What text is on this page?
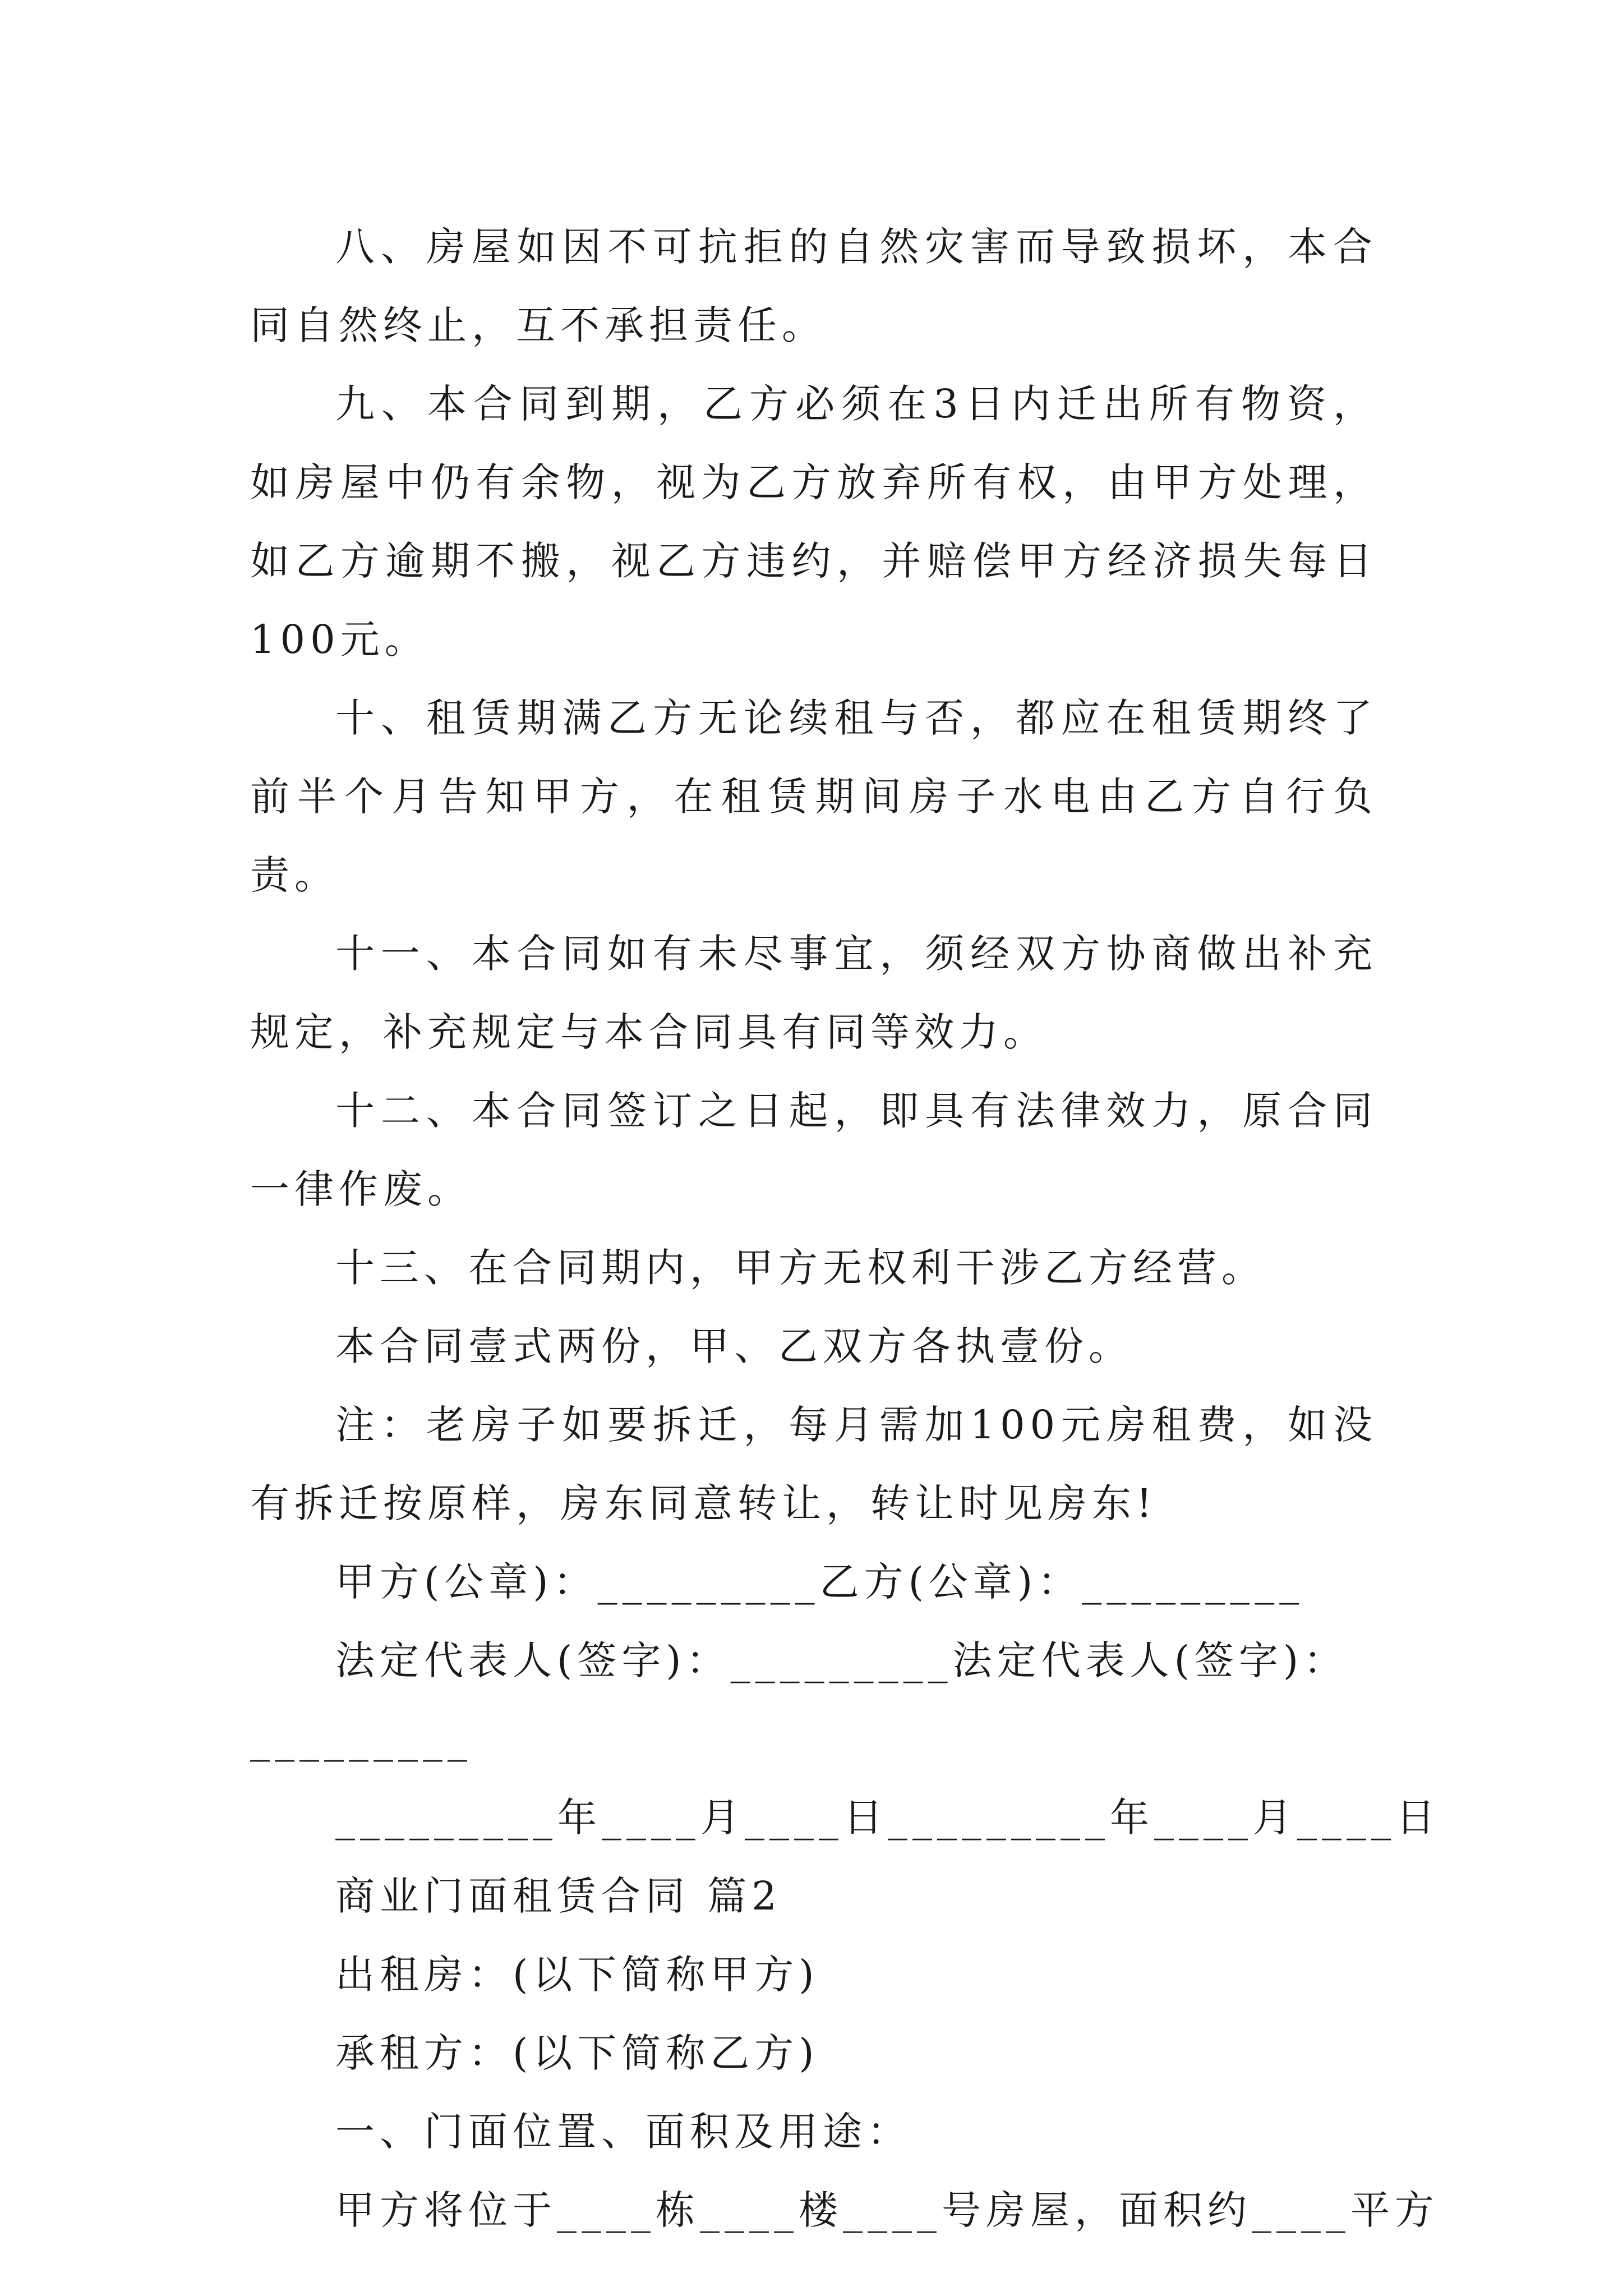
八、房屋如因不可抗拒的自然灾害而导致损坏，本合同自然终止，互不承担责任。

九、本合同到期，乙方必须在3日内迁出所有物资，如房屋中仍有余物，视为乙方放弃所有权，由甲方处理，如乙方逾期不搬，视乙方违约，并赔偿甲方经济损失每日100元。

十、租赁期满乙方无论续租与否，都应在租赁期终了前半个月告知甲方，在租赁期间房子水电由乙方自行负责。

十一、本合同如有未尽事宜，须经双方协商做出补充规定，补充规定与本合同具有同等效力。

十二、本合同签订之日起，即具有法律效力，原合同一律作废。

十三、在合同期内，甲方无权利干涉乙方经营。

本合同壹式两份，甲、乙双方各执壹份。

注：老房子如要拆迁，每月需加100元房租费，如没有拆迁按原样，房东同意转让，转让时见房东!

甲方(公章)：_________乙方(公章)：_________

法定代表人(签字)：_________法定代表人(签字)：

_________

_________年____月____日_________年____月____日

商业门面租赁合同 篇2

出租房：(以下简称甲方)

承租方：(以下简称乙方)

一、门面位置、面积及用途：

甲方将位于____栋____楼____号房屋，面积约____平方
